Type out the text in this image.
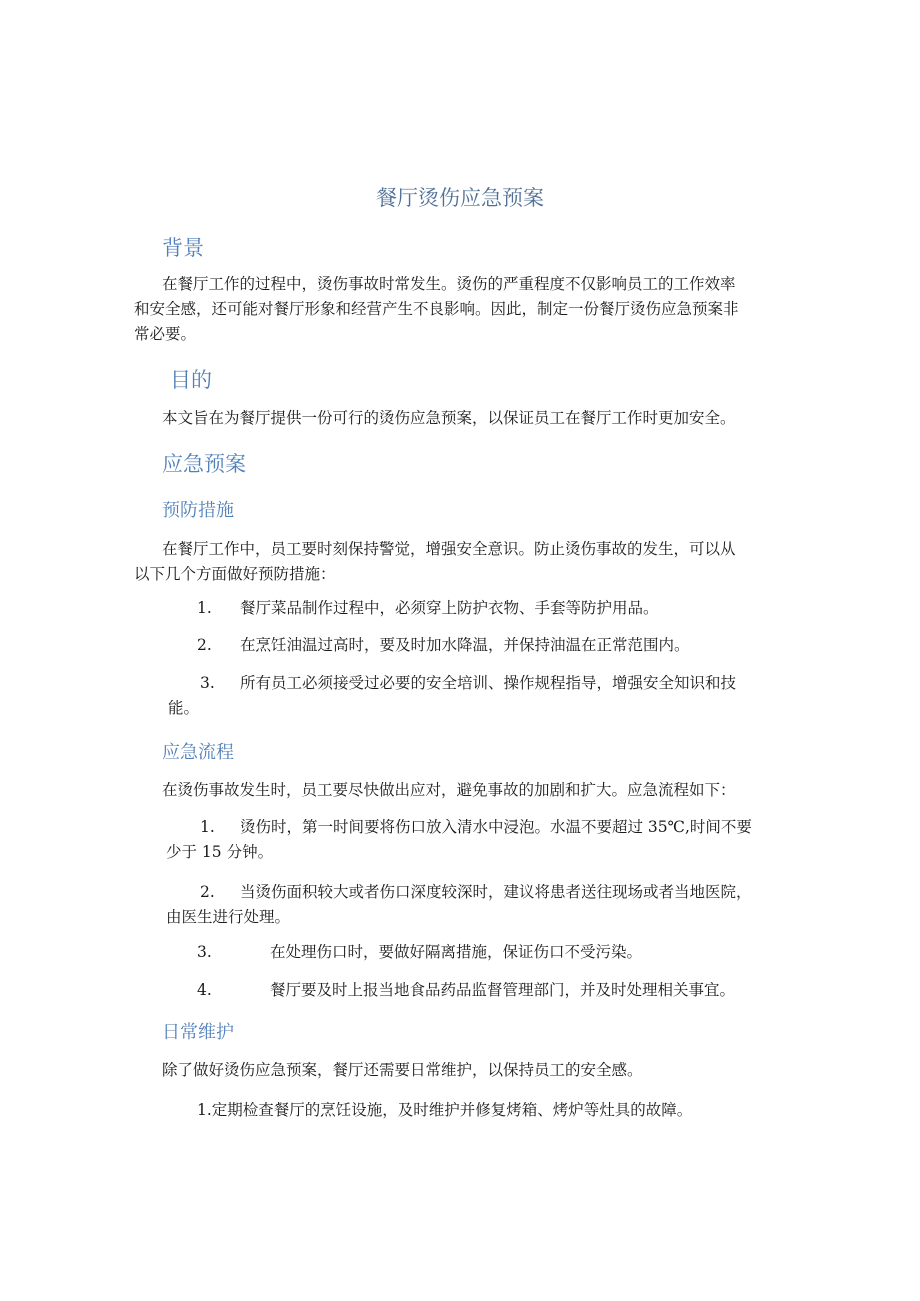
餐厅烫伤应急预案
背景
在餐厅工作的过程中，烫伤事故时常发生。烫伤的严重程度不仅影响员工的工作效率
和安全感，还可能对餐厅形象和经营产生不良影响。因此，制定一份餐厅烫伤应急预案非
常必要。
目的
本文旨在为餐厅提供一份可行的烫伤应急预案，以保证员工在餐厅工作时更加安全。
应急预案
预防措施
在餐厅工作中，员工要时刻保持警觉，增强安全意识。防止烫伤事故的发生，可以从
以下几个方面做好预防措施：
1. 餐厅菜品制作过程中，必须穿上防护衣物、手套等防护用品。
2. 在烹饪油温过高时，要及时加水降温，并保持油温在正常范围内。
3. 所有员工必须接受过必要的安全培训、操作规程指导，增强安全知识和技
能。
应急流程
在烫伤事故发生时，员工要尽快做出应对，避免事故的加剧和扩大。应急流程如下：
1. 烫伤时，第一时间要将伤口放入清水中浸泡。水温不要超过 35℃,时间不要
少于 15 分钟。
2. 当烫伤面积较大或者伤口深度较深时，建议将患者送往现场或者当地医院，
由医生进行处理。
3.	在处理伤口时，要做好隔离措施，保证伤口不受污染。
4.	餐厅要及时上报当地食品药品监督管理部门，并及时处理相关事宜。
日常维护
除了做好烫伤应急预案，餐厅还需要日常维护，以保持员工的安全感。
1.定期检查餐厅的烹饪设施，及时维护并修复烤箱、烤炉等灶具的故障。
